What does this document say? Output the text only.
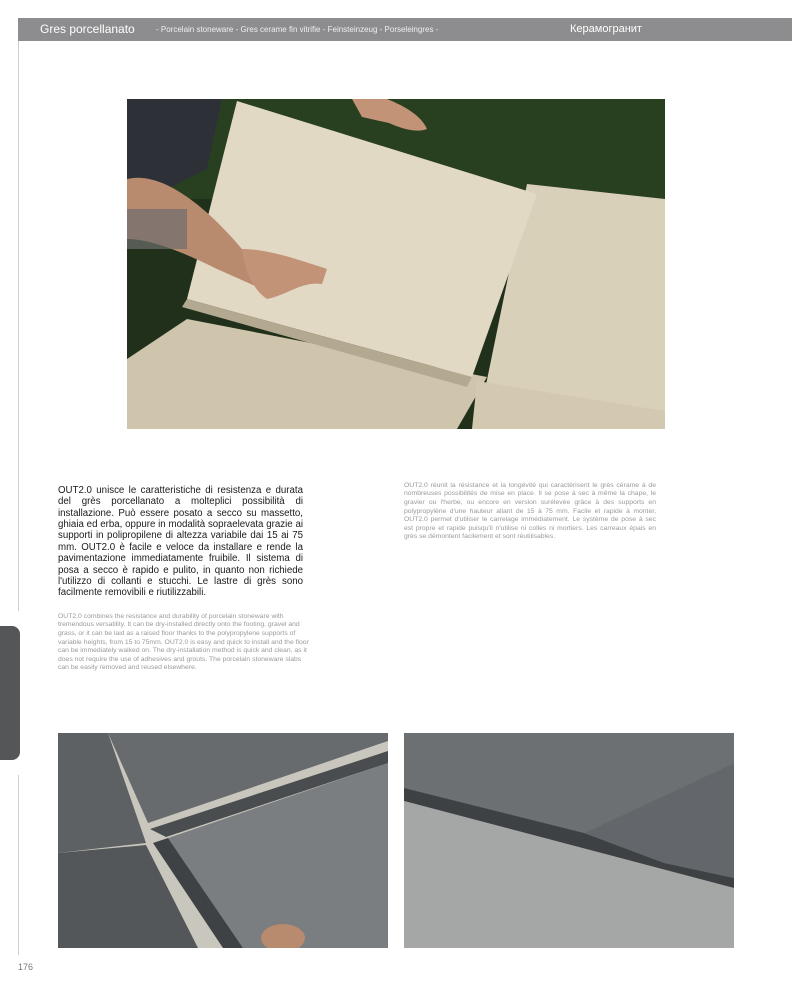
Gres porcellanato	- Porcelain stoneware - Gres cerame fin vitrifie - Feinsteinzeug - Porseleingres -	Керамогранит

OUT2.0 unisce le caratteristiche di resistenza e durata del grès porcellanato a molteplici possibilità di installazione. Può essere posato a secco su massetto, ghiaia ed erba, oppure in modalità sopraelevata grazie ai supporti in polipropilene di altezza variabile dai 15 ai 75 mm. OUT2.0 è facile e veloce da installare e rende la pavimentazione immediatamente fruibile. Il sistema di posa a secco è rapido e pulito, in quanto non richiede l'utilizzo di collanti e stucchi. Le lastre di grès sono facilmente removibili e riutilizzabili.

OUT2.0 combines the resistance and durability of porcelain stoneware with tremendous versatility. It can be dry-installed directly onto the footing, gravel and grass, or it can be laid as a raised floor thanks to the polypropylene supports of variable heights, from 15 to 75mm. OUT2.0 is easy and quick to install and the floor can be immediately walked on. The dry-installation method is quick and clean, as it does not require the use of adhesives and grouts. The porcelain stoneware slabs can be easily removed and reused elsewhere.

OUT2.0 réunit la résistance et la longévité qui caractérisent le grès cérame à de nombreuses possibilités de mise en place. Il se pose à sec à même la chape, le gravier ou l'herbe, ou encore en version surélevée grâce à des supports en polypropylène d'une hauteur allant de 15 à 75 mm. Facile et rapide à monter, OUT2.0 permet d'utiliser le carrelage immédiatement. Le système de pose à sec est propre et rapide puisqu'il n'utilise ni colles ni mortiers. Les carreaux épais en grès se démontent facilement et sont réutilisables.

176
